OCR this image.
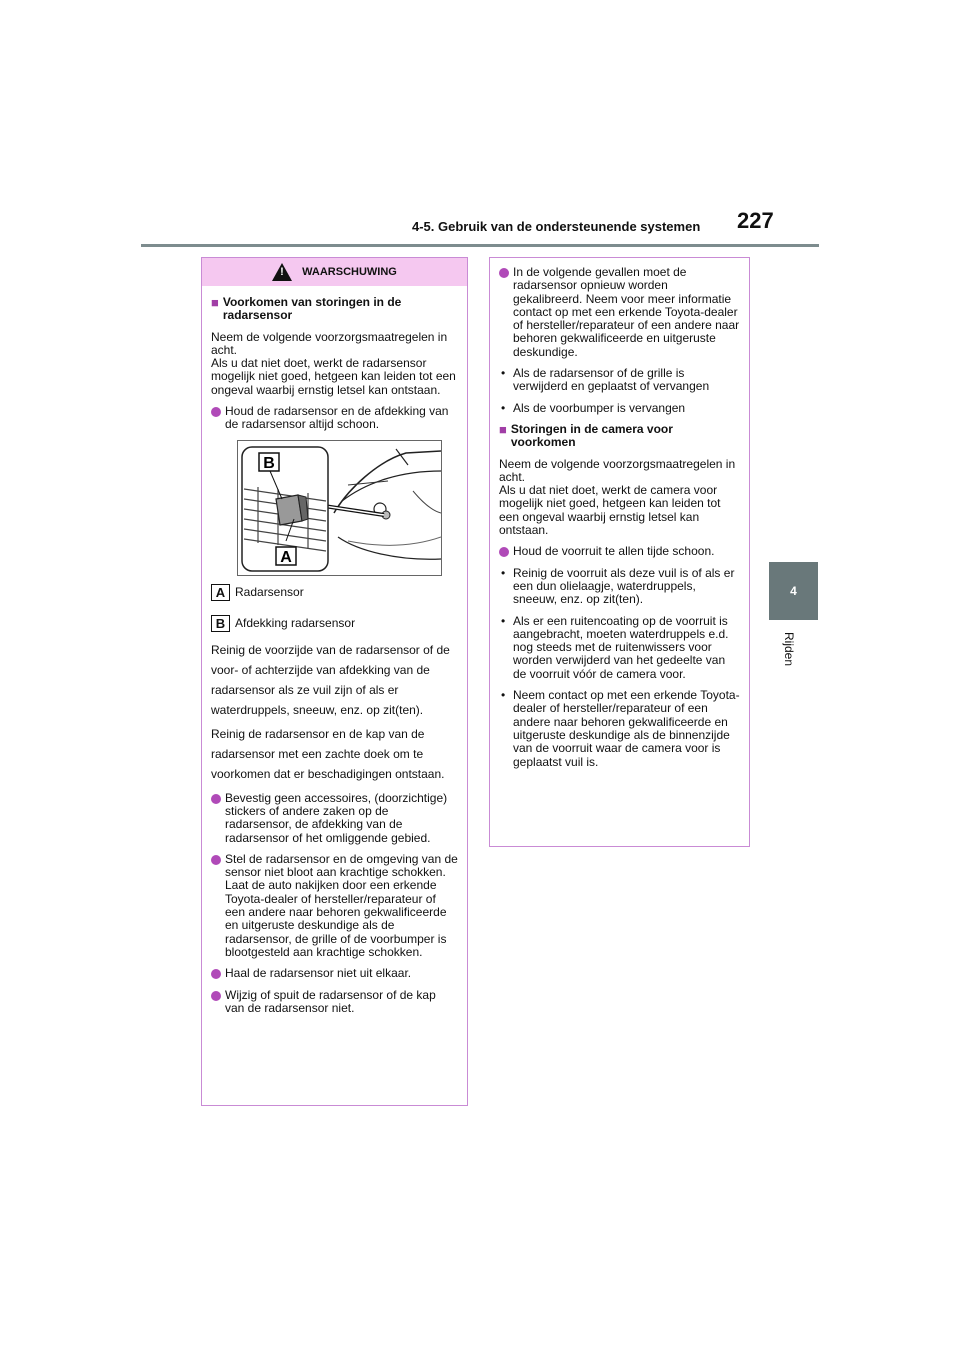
4-5. Gebruik van de ondersteunende systemen 227
4
Rijden
!
WAARSCHUWING
■ Voorkomen van storingen in de radarsensor

Neem de volgende voorzorgsmaatregelen in acht.
Als u dat niet doet, werkt de radarsensor mogelijk niet goed, hetgeen kan leiden tot een ongeval waarbij ernstig letsel kan ontstaan.

Houd de radarsensor en de afdekking van de radarsensor altijd schoon.
B
A
A Radarsensor
B Afdekking radarsensor

Reinig de voorzijde van de radarsensor of de voor- of achterzijde van afdekking van de radarsensor als ze vuil zijn of als er waterdruppels, sneeuw, enz. op zit(ten).

Reinig de radarsensor en de kap van de radarsensor met een zachte doek om te voorkomen dat er beschadigingen ontstaan.

Bevestig geen accessoires, (doorzichtige) stickers of andere zaken op de radarsensor, de afdekking van de radarsensor of het omliggende gebied.
Stel de radarsensor en de omgeving van de sensor niet bloot aan krachtige schokken.
Laat de auto nakijken door een erkende Toyota-dealer of hersteller/reparateur of een andere naar behoren gekwalificeerde en uitgeruste deskundige als de radarsensor, de grille of de voorbumper is blootgesteld aan krachtige schokken.
Haal de radarsensor niet uit elkaar.
Wijzig of spuit de radarsensor of de kap van de radarsensor niet.
In de volgende gevallen moet de radarsensor opnieuw worden gekalibreerd. Neem voor meer informatie contact op met een erkende Toyota-dealer of hersteller/reparateur of een andere naar behoren gekwalificeerde en uitgeruste deskundige.
• Als de radarsensor of de grille is verwijderd en geplaatst of vervangen
• Als de voorbumper is vervangen
■ Storingen in de camera voor voorkomen

Neem de volgende voorzorgsmaatregelen in acht.
Als u dat niet doet, werkt de camera voor mogelijk niet goed, hetgeen kan leiden tot een ongeval waarbij ernstig letsel kan ontstaan.

Houd de voorruit te allen tijde schoon.
• Reinig de voorruit als deze vuil is of als er een dun olielaagje, waterdruppels, sneeuw, enz. op zit(ten).
• Als er een ruitencoating op de voorruit is aangebracht, moeten waterdruppels e.d. nog steeds met de ruitenwissers voor worden verwijderd van het gedeelte van de voorruit vóór de camera voor.
• Neem contact op met een erkende Toyota-dealer of hersteller/reparateur of een andere naar behoren gekwalificeerde en uitgeruste deskundige als de binnenzijde van de voorruit waar de camera voor is geplaatst vuil is.
